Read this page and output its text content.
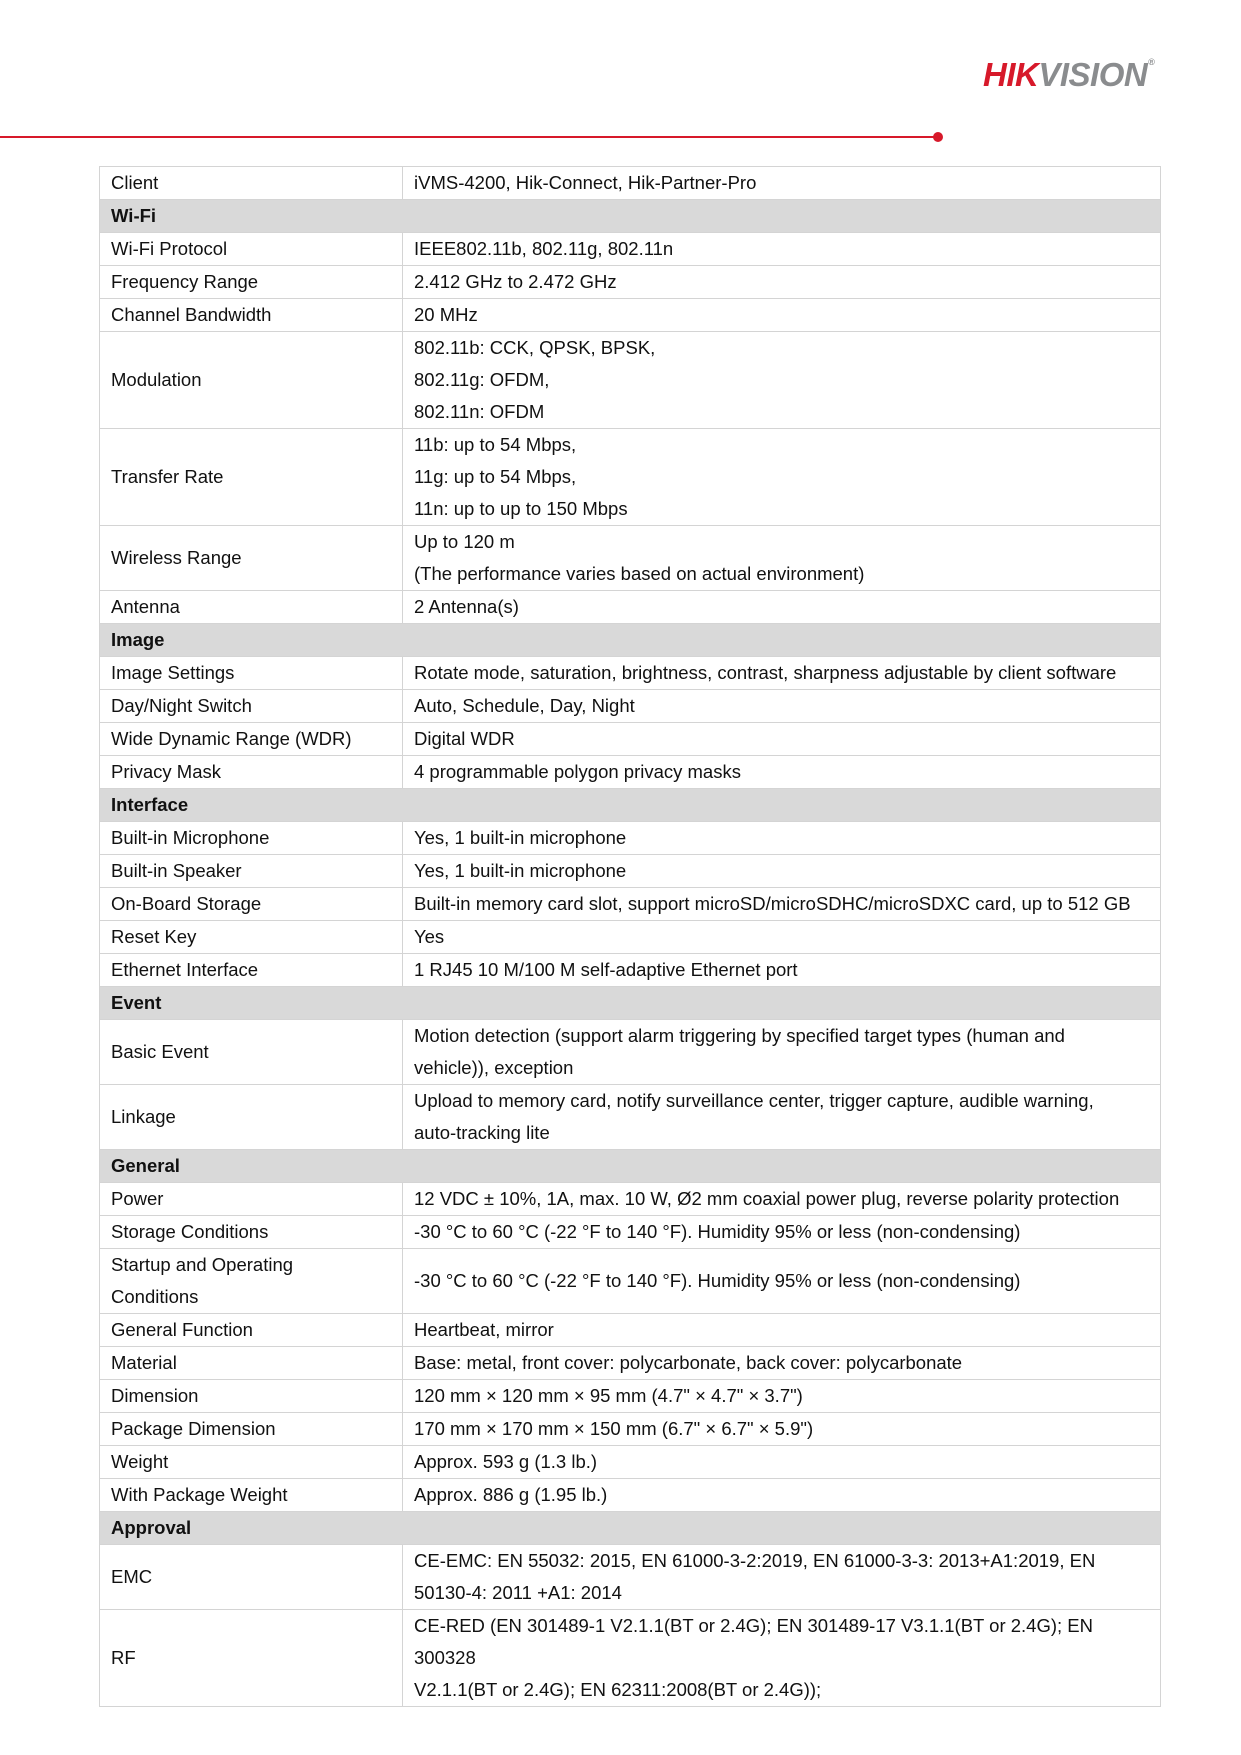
HIKVISION®
Client	iVMS-4200, Hik-Connect, Hik-Partner-Pro

Wi-Fi	
Wi-Fi Protocol	IEEE802.11b, 802.11g, 802.11n

Frequency Range	2.412 GHz to 2.472 GHz

Channel Bandwidth	20 MHz

Modulation	802.11b: CCK, QPSK, BPSK,
802.11g: OFDM,
802.11n: OFDM

Transfer Rate	11b: up to 54 Mbps,
11g: up to 54 Mbps,
11n: up to up to 150 Mbps

Wireless Range	Up to 120 m
(The performance varies based on actual environment)

Antenna	2 Antenna(s)

Image	
Image Settings	Rotate mode, saturation, brightness, contrast, sharpness adjustable by client software

Day/Night Switch	Auto, Schedule, Day, Night

Wide Dynamic Range (WDR)	Digital WDR

Privacy Mask	4 programmable polygon privacy masks

Interface	
Built-in Microphone	Yes, 1 built-in microphone

Built-in Speaker	Yes, 1 built-in microphone

On-Board Storage	Built-in memory card slot, support microSD/microSDHC/microSDXC card, up to 512 GB

Reset Key	Yes

Ethernet Interface	1 RJ45 10 M/100 M self-adaptive Ethernet port

Event	
Basic Event	Motion detection (support alarm triggering by specified target types (human and
vehicle)), exception

Linkage	Upload to memory card, notify surveillance center, trigger capture, audible warning,
auto-tracking lite

General	
Power	12 VDC ± 10%, 1A, max. 10 W, Ø2 mm coaxial power plug, reverse polarity protection

Storage Conditions	-30 °C to 60 °C (-22 °F to 140 °F). Humidity 95% or less (non-condensing)

Startup and Operating
Conditions	-30 °C to 60 °C (-22 °F to 140 °F). Humidity 95% or less (non-condensing)

General Function	Heartbeat, mirror

Material	Base: metal, front cover: polycarbonate, back cover: polycarbonate

Dimension	120 mm × 120 mm × 95 mm (4.7" × 4.7" × 3.7")

Package Dimension	170 mm × 170 mm × 150 mm (6.7" × 6.7" × 5.9")

Weight	Approx. 593 g (1.3 lb.)

With Package Weight	Approx. 886 g (1.95 lb.)

Approval	
EMC	CE-EMC: EN 55032: 2015, EN 61000-3-2:2019, EN 61000-3-3: 2013+A1:2019, EN
50130-4: 2011 +A1: 2014

RF	CE-RED (EN 301489-1 V2.1.1(BT or 2.4G); EN 301489-17 V3.1.1(BT or 2.4G); EN 300328
V2.1.1(BT or 2.4G); EN 62311:2008(BT or 2.4G));
